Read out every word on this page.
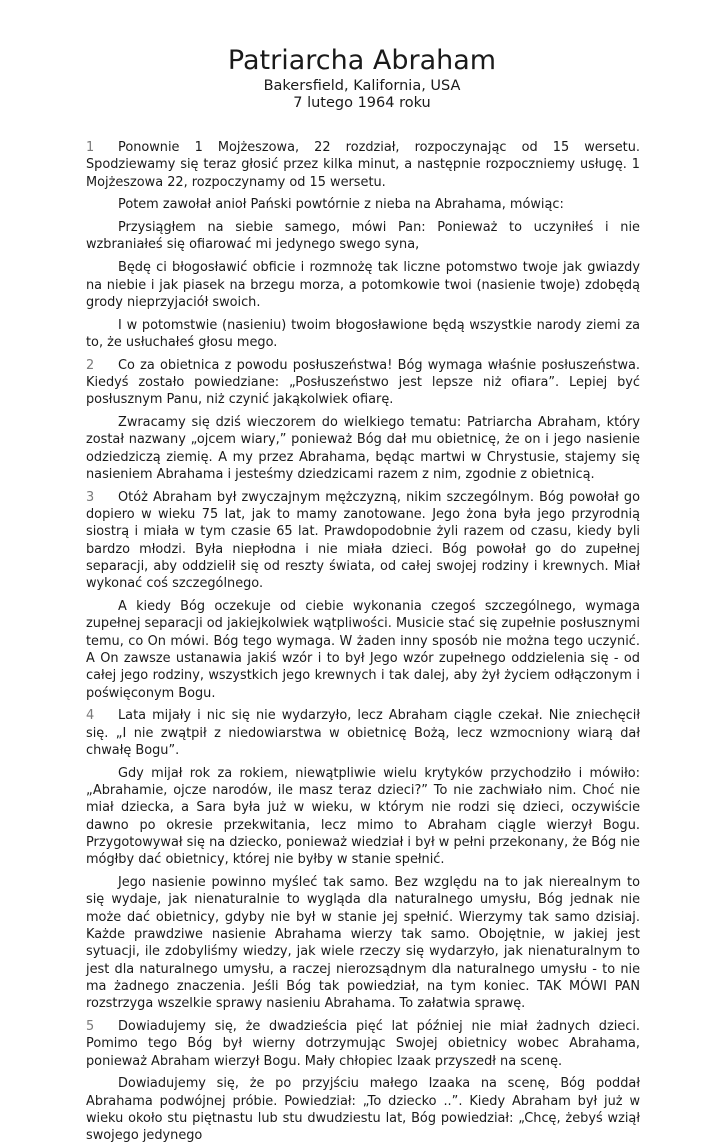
Patriarcha Abraham
Bakersfield, Kalifornia, USA
7 lutego 1964 roku

1 Ponownie 1 Mojżeszowa, 22 rozdział, rozpoczynając od 15 wersetu. Spodziewamy się teraz głosić przez kilka minut, a następnie rozpoczniemy usługę. 1 Mojżeszowa 22, rozpoczynamy od 15 wersetu.

Potem zawołał anioł Pański powtórnie z nieba na Abrahama, mówiąc:

Przysiągłem na siebie samego, mówi Pan: Ponieważ to uczyniłeś i nie wzbraniałeś się ofiarować mi jedynego swego syna,

Będę ci błogosławić obficie i rozmnożę tak liczne potomstwo twoje jak gwiazdy na niebie i jak piasek na brzegu morza, a potomkowie twoi (nasienie twoje) zdobędą grody nieprzyjaciół swoich.

I w potomstwie (nasieniu) twoim błogosławione będą wszystkie narody ziemi za to, że usłuchałeś głosu mego.

2 Co za obietnica z powodu posłuszeństwa! Bóg wymaga właśnie posłuszeństwa. Kiedyś zostało powiedziane: „Posłuszeństwo jest lepsze niż ofiara”. Lepiej być posłusznym Panu, niż czynić jakąkolwiek ofiarę.

Zwracamy się dziś wieczorem do wielkiego tematu: Patriarcha Abraham, który został nazwany „ojcem wiary,” ponieważ Bóg dał mu obietnicę, że on i jego nasienie odziedziczą ziemię. A my przez Abrahama, będąc martwi w Chrystusie, stajemy się nasieniem Abrahama i jesteśmy dziedzicami razem z nim, zgodnie z obietnicą.

3 Otóż Abraham był zwyczajnym mężczyzną, nikim szczególnym. Bóg powołał go dopiero w wieku 75 lat, jak to mamy zanotowane. Jego żona była jego przyrodnią siostrą i miała w tym czasie 65 lat. Prawdopodobnie żyli razem od czasu, kiedy byli bardzo młodzi. Była niepłodna i nie miała dzieci. Bóg powołał go do zupełnej separacji, aby oddzielił się od reszty świata, od całej swojej rodziny i krewnych. Miał wykonać coś szczególnego.

A kiedy Bóg oczekuje od ciebie wykonania czegoś szczególnego, wymaga zupełnej separacji od jakiejkolwiek wątpliwości. Musicie stać się zupełnie posłusznymi temu, co On mówi. Bóg tego wymaga. W żaden inny sposób nie można tego uczynić. A On zawsze ustanawia jakiś wzór i to był Jego wzór zupełnego oddzielenia się - od całej jego rodziny, wszystkich jego krewnych i tak dalej, aby żył życiem odłączonym i poświęconym Bogu.

4 Lata mijały i nic się nie wydarzyło, lecz Abraham ciągle czekał. Nie zniechęcił się. „I nie zwątpił z niedowiarstwa w obietnicę Bożą, lecz wzmocniony wiarą dał chwałę Bogu”.

Gdy mijał rok za rokiem, niewątpliwie wielu krytyków przychodziło i mówiło: „Abrahamie, ojcze narodów, ile masz teraz dzieci?” To nie zachwiało nim. Choć nie miał dziecka, a Sara była już w wieku, w którym nie rodzi się dzieci, oczywiście dawno po okresie przekwitania, lecz mimo to Abraham ciągle wierzył Bogu. Przygotowywał się na dziecko, ponieważ wiedział i był w pełni przekonany, że Bóg nie mógłby dać obietnicy, której nie byłby w stanie spełnić.

Jego nasienie powinno myśleć tak samo. Bez względu na to jak nierealnym to się wydaje, jak nienaturalnie to wygląda dla naturalnego umysłu, Bóg jednak nie może dać obietnicy, gdyby nie był w stanie jej spełnić. Wierzymy tak samo dzisiaj. Każde prawdziwe nasienie Abrahama wierzy tak samo. Obojętnie, w jakiej jest sytuacji, ile zdobyliśmy wiedzy, jak wiele rzeczy się wydarzyło, jak nienaturalnym to jest dla naturalnego umysłu, a raczej nierozsądnym dla naturalnego umysłu - to nie ma żadnego znaczenia. Jeśli Bóg tak powiedział, na tym koniec. TAK MÓWI PAN rozstrzyga wszelkie sprawy nasieniu Abrahama. To załatwia sprawę.

5 Dowiadujemy się, że dwadzieścia pięć lat później nie miał żadnych dzieci. Pomimo tego Bóg był wierny dotrzymując Swojej obietnicy wobec Abrahama, ponieważ Abraham wierzył Bogu. Mały chłopiec Izaak przyszedł na scenę.

Dowiadujemy się, że po przyjściu małego Izaaka na scenę, Bóg poddał Abrahama podwójnej próbie. Powiedział: „To dziecko ..”. Kiedy Abraham był już w wieku około stu piętnastu lub stu dwudziestu lat, Bóg powiedział: „Chcę, żebyś wziął swojego jedynego
